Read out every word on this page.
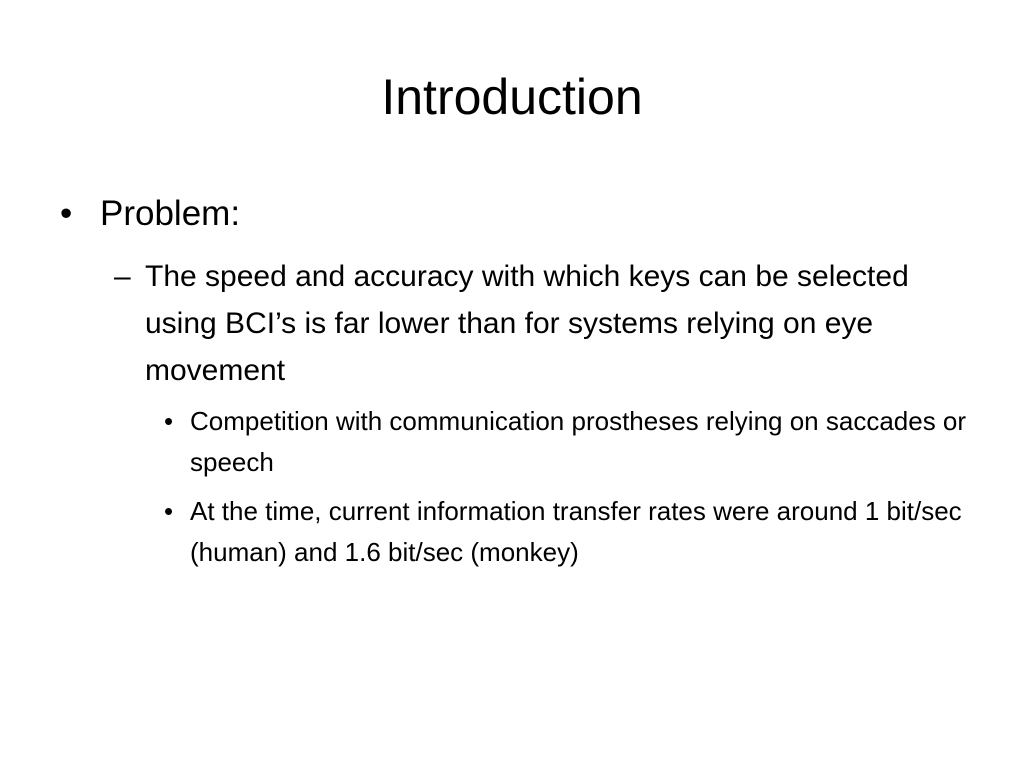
Introduction
• Problem:
– The speed and accuracy with which keys can be selected using BCI’s is far lower than for systems relying on eye movement
• Competition with communication prostheses relying on saccades or speech
• At the time, current information transfer rates were around 1 bit/sec (human) and 1.6 bit/sec (monkey)
